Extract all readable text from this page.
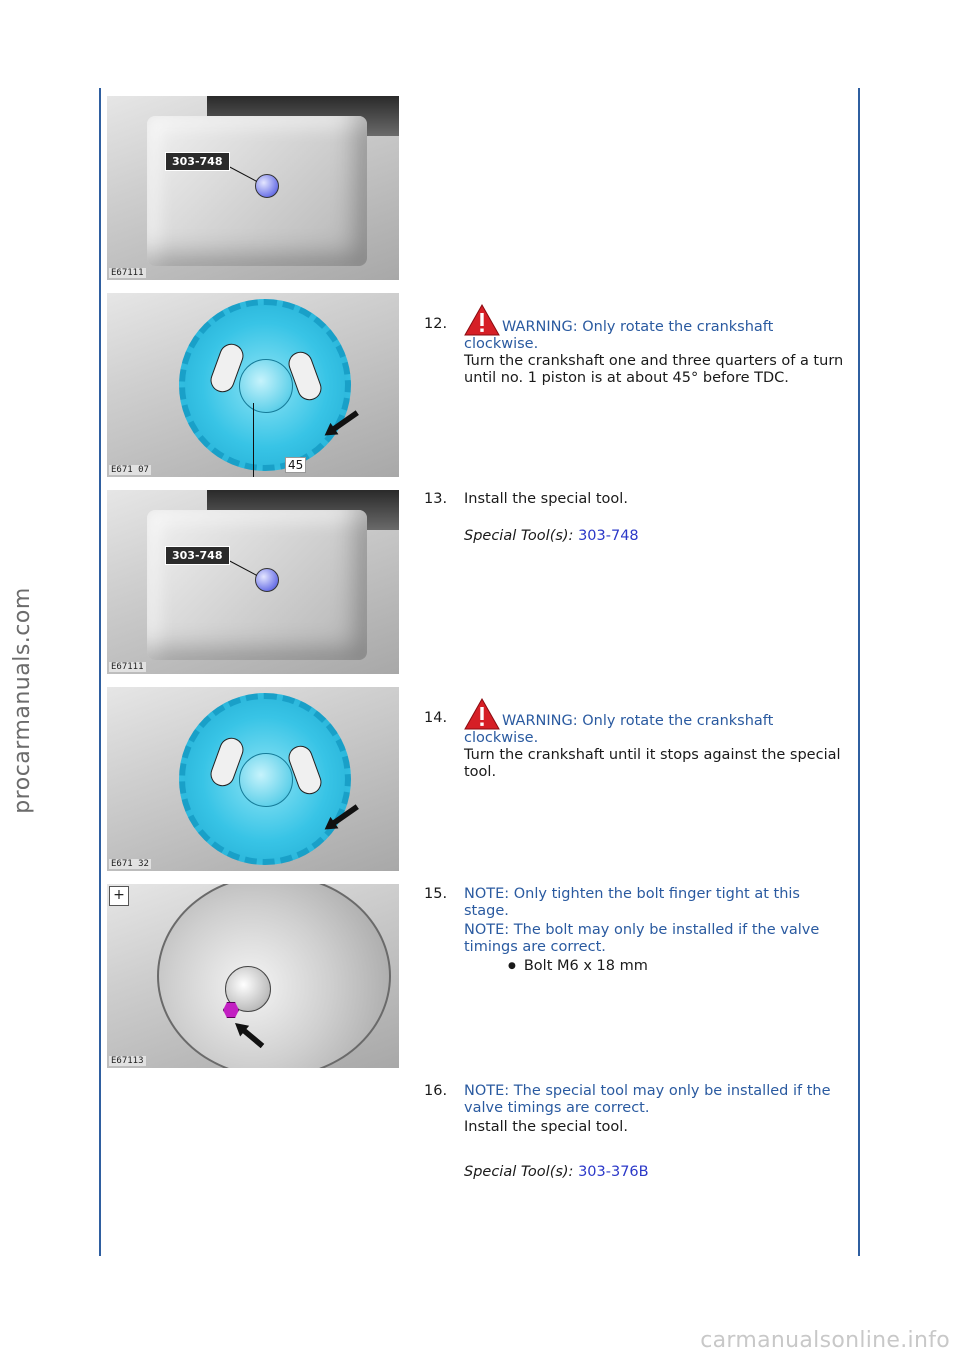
procarmanuals.com
303-748
E67111
45
E671 07
303-748
E67111
E671 32
+
E67113
12.	WARNING: Only rotate the crankshaft clockwise.
Turn the crankshaft one and three quarters of a turn until no. 1 piston is at about 45° before TDC.
13. Install the special tool.
Special Tool(s): 303-748
14.	WARNING: Only rotate the crankshaft clockwise.
Turn the crankshaft until it stops against the special tool.
15. NOTE: Only tighten the bolt finger tight at this stage.
NOTE: The bolt may only be installed if the valve timings are correct.
● Bolt M6 x 18 mm
16. NOTE: The special tool may only be installed if the valve timings are correct.
Install the special tool.
Special Tool(s): 303-376B
carmanualsonline.info
